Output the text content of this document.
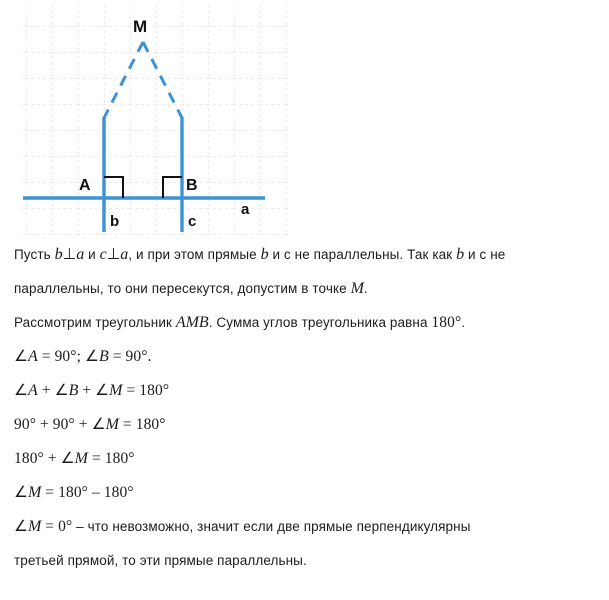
M
A	B
a
b	c
Пусть b⊥a и c⊥a, и при этом прямые b и с не параллельны. Так как b и с не
параллельны, то они пересекутся, допустим в точке M.
Рассмотрим треугольник AMB. Сумма углов треугольника равна 180°.
∠A = 90°; ∠B = 90°.
∠A + ∠B + ∠M = 180°
90° + 90° + ∠M = 180°
180° + ∠M = 180°
∠M = 180° – 180°
∠M = 0° – что невозможно, значит если две прямые перпендикулярны
третьей прямой, то эти прямые параллельны.
